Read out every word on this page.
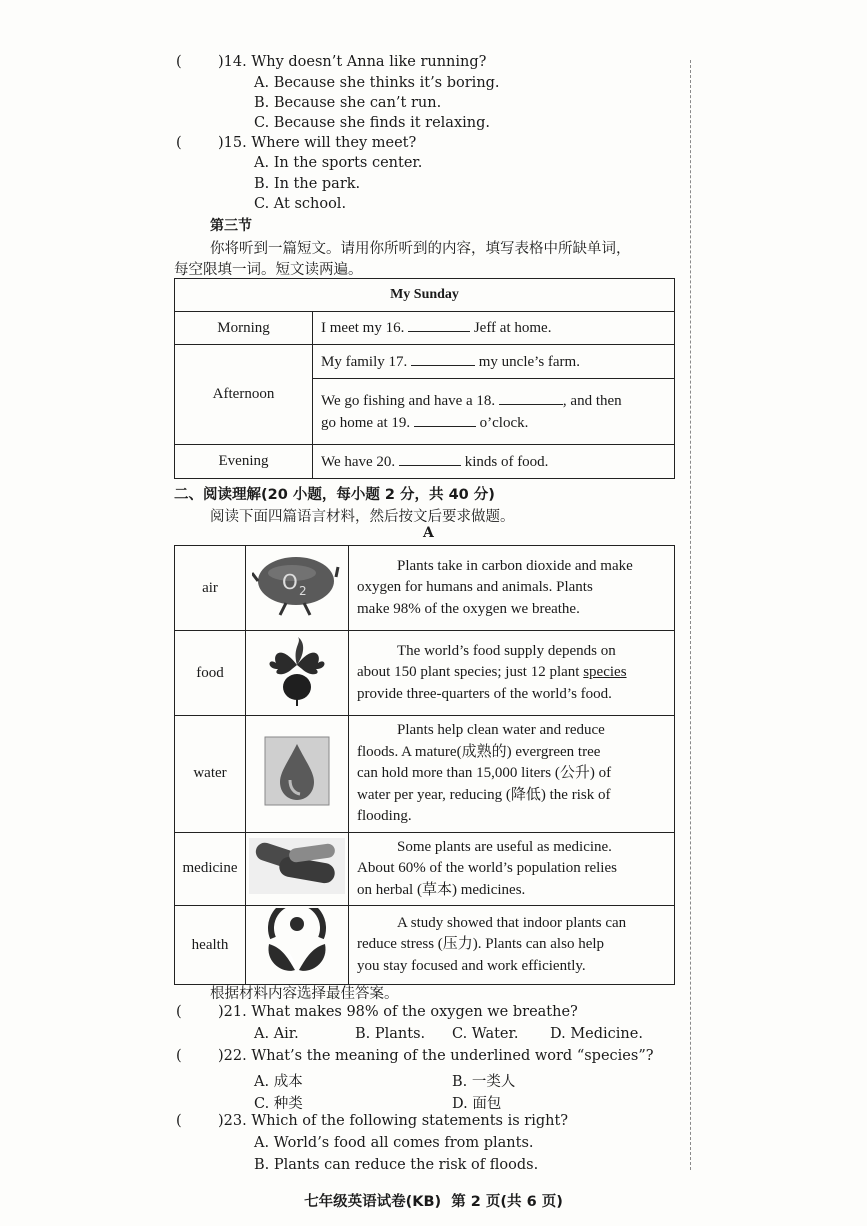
(	)14. Why doesn’t Anna like running?
A. Because she thinks it’s boring.
B. Because she can’t run.
C. Because she finds it relaxing.
(	)15. Where will they meet?
A. In the sports center.
B. In the park.
C. At school.
第三节
你将听到一篇短文。请用你所听到的内容，填写表格中所缺单词，
每空限填一词。短文读两遍。
My Sunday	
Morning	I meet my 16. Jeff at home.
Afternoon	My family 17. my uncle’s farm.
	We go fishing and have a 18. , and then
go home at 19. o’clock.
Evening	We have 20. kinds of food.
二、阅读理解(20 小题，每小题 2 分，共 40 分)
阅读下面四篇语言材料，然后按文后要求做题。
A
air	O 2	Plants take in carbon dioxide and make
oxygen for humans and animals. Plants
make 98% of the oxygen we breathe.
food		The world’s food supply depends on
about 150 plant species; just 12 plant species
provide three-quarters of the world’s food.
water		Plants help clean water and reduce
floods. A mature(成熟的) evergreen tree
can hold more than 15,000 liters (公升) of
water per year, reducing (降低) the risk of
flooding.
medicine		Some plants are useful as medicine.
About 60% of the world’s population relies
on herbal (草本) medicines.
health		A study showed that indoor plants can
reduce stress (压力). Plants can also help
you stay focused and work efficiently.
根据材料内容选择最佳答案。
(	)21. What makes 98% of the oxygen we breathe?
A. Air.	B. Plants. C. Water. D. Medicine.
(	)22. What’s the meaning of the underlined word “species”?
A. 成本	B. 一类人
C. 种类	D. 面包
(	)23. Which of the following statements is right?
A. World’s food all comes from plants.
B. Plants can reduce the risk of floods.
七年级英语试卷(KB)  第 2 页(共 6 页)
